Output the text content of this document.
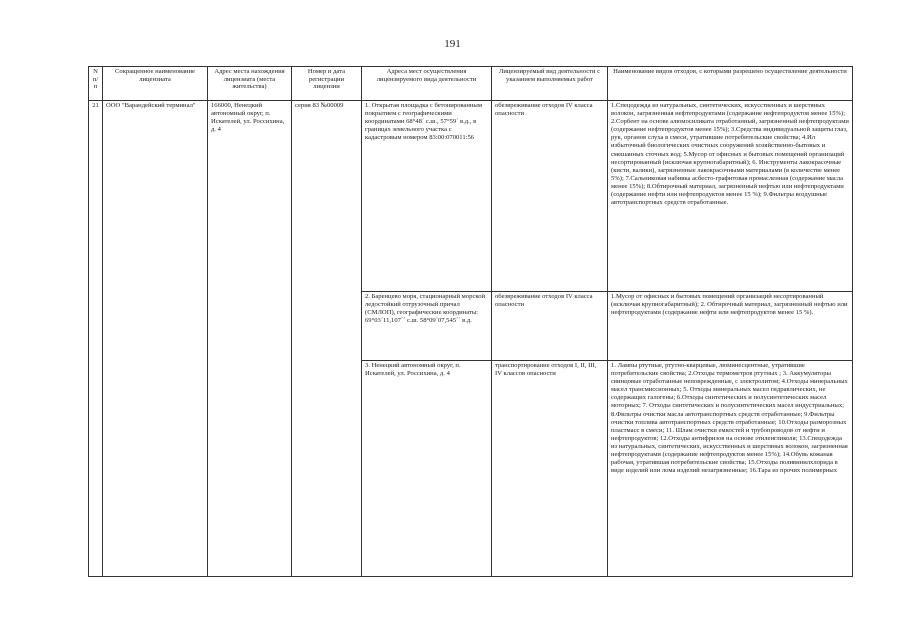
191
N п/ п	Сокращенное наименование лицензиата	Адрес места нахождения лицензиата (места жительства)	Номер и дата регистрации лицензии	Адреса мест осуществления лицензируемого вида деятельности	Лицензируемый вид деятельности с указанием выполняемых работ	Наименование видов отходов, с которыми разрешено осуществление деятельности
21	ООО "Варандейский терминал"	166000, Ненецкий автономный округ, п. Искателей, ул. Россихина, д. 4	серия 83 №00009	1. Открытая площадка с бетонированным покрытием с географическими координатами 68°48´ с.ш., 57°59´ в.д., в границах земельного участка с кадастровым номером 83:00:070011:56	обезвреживание отходов IV класса опасности	1.Спецодежда из натуральных, синтетических, искусственных и шерстяных волокон, загрязненная нефтепродуктами (содержание нефтепродуктов менее 15%); 2.Сорбент на основе алюмосиликата отработанный, загрязненный нефтепродуктами (содержание нефтепродуктов менее 15%); 3.Средства индивидуальной защиты глаз, рук, органов слуха в смеси, утратившие потребительские свойства; 4.Ил избыточный биологических очистных сооружений хозяйственно-бытовых и смешанных сточных вод; 5.Мусор от офисных и бытовых помещений организаций несортированный (исключая крупногабаритный); 6. Инструменты лакокрасочные (кисти, валики), загрязненные лакокрасочными материалами (в количестве менее 5%); 7.Сальниковая набивка асбесто-графитовая промасленная (содержание масла менее 15%); 8.Обтирочный материал, загрязненный нефтью или нефтепродуктами (содержание нефти или нефтепродуктов менее 15 %); 9.Фильтры воздушные автотранспортных средств отработанные.
				2. Баренцево моря, стационарный морской ледостойкий отгрузочный причал (СМЛОП), географические координаты: 69°03´11,107´´ с.ш. 58°09´07,545´´ в.д.	обезвреживание отходов IV класса опасности	1.Мусор от офисных и бытовых помещений организаций несортированный (исключая крупногабаритный); 2. Обтирочный материал, загрязненный нефтью или нефтепродуктами (содержание нефти или нефтепродуктов менее 15 %).
				3. Ненецкий автономный округ, п. Искателей, ул. Россихина, д. 4	транспортирование отходов I, II, III, IV классов опасности	1. Лампы ртутные, ртутно-кварцевые, люминесцентные, утратившие потребительские свойства; 2.Отходы термометров ртутных ; 3. Аккумуляторы свинцовые отработанные неповрежденные, с электролитом; 4.Отходы минеральных масел трансмиссионных; 5. Отходы минеральных масел гидравлических, не содержащих галогены; 6.Отходы синтетических и полусинтетических масел моторных; 7. Отходы синтетических и полусинтетических масел индустриальных; 8.Фильтры очистки масла автотранспортных средств отработанные; 9.Фильтры очистки топлива автотранспортных средств отработанные; 10.Отходы разморозных пластмасс в смеси; 11. Шлам очистки емкостей и трубопроводов от нефти и нефтепродуктов; 12.Отходы антифризов на основе этиленгликоля; 13.Спецодежда из натуральных, синтетических, искусственных и шерстяных волокон, загрязненная нефтепродуктами (содержание нефтепродуктов менее 15%); 14.Обувь кожаная рабочая, утратившая потребительские свойства; 15.Отходы поливинилхлорида в виде изделий или лома изделий незагрязненные; 16.Тара из прочих полимерных
